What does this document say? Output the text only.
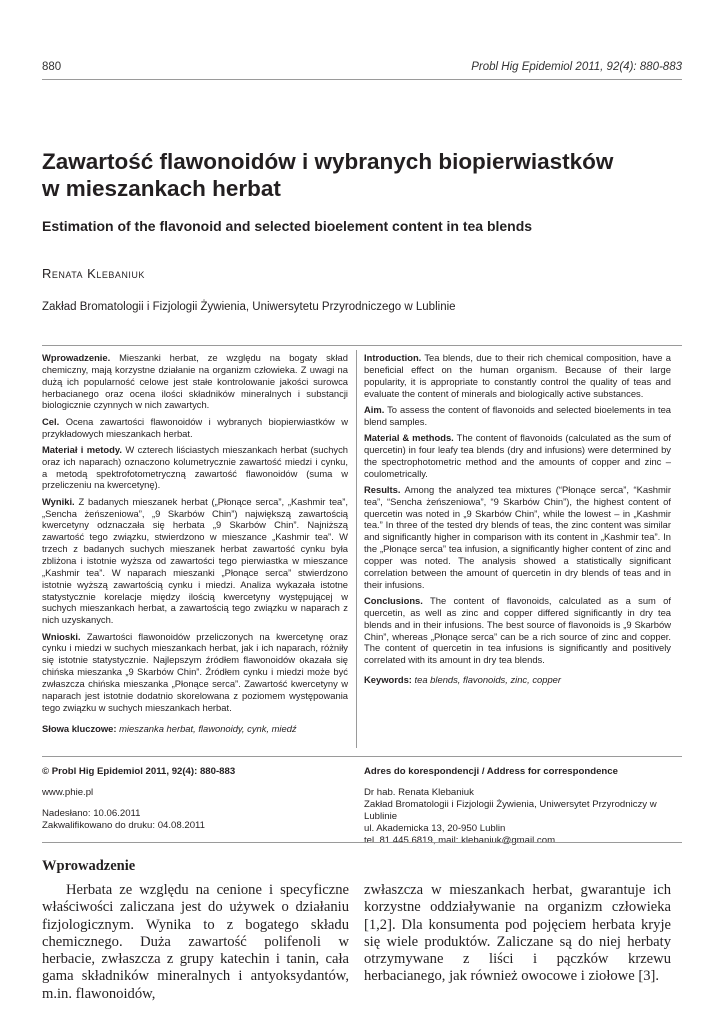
880	Probl Hig Epidemiol 2011, 92(4): 880-883
Zawartość flawonoidów i wybranych biopierwiastków
w mieszankach herbat
Estimation of the flavonoid and selected bioelement content in tea blends
Renata Klebaniuk
Zakład Bromatologii i Fizjologii Żywienia, Uniwersytetu Przyrodniczego w Lublinie

Wprowadzenie. Mieszanki herbat, ze względu na bogaty skład chemiczny, mają korzystne działanie na organizm człowieka. Z uwagi na dużą ich popularność celowe jest stałe kontrolowanie jakości surowca herbacianego oraz ocena ilości składników mineralnych i substancji biologicznie czynnych w nich zawartych.

Cel. Ocena zawartości flawonoidów i wybranych biopierwiastków w przykładowych mieszankach herbat.

Materiał i metody. W czterech liściastych mieszankach herbat (suchych oraz ich naparach) oznaczono kolumetrycznie zawartość miedzi i cynku, a metodą spektrofotometryczną zawartość flawonoidów (suma w przeliczeniu na kwercetynę).

Wyniki. Z badanych mieszanek herbat („Płonące serca”, „Kashmir tea”, „Sencha żeńszeniowa”, „9 Skarbów Chin”) największą zawartością kwercetyny odznaczała się herbata „9 Skarbów Chin”. Najniższą zawartość tego związku, stwierdzono w mieszance „Kashmir tea”. W trzech z badanych suchych mieszanek herbat zawartość cynku była zbliżona i istotnie wyższa od zawartości tego pierwiastka w mieszance „Kashmir tea”. W naparach mieszanki „Płonące serca” stwierdzono istotnie wyższą zawartością cynku i miedzi. Analiza wykazała istotne statystycznie korelacje między ilością kwercetyny występującej w suchych mieszankach herbat, a zawartością tego związku w naparach z nich uzyskanych.

Wnioski. Zawartości flawonoidów przeliczonych na kwercetynę oraz cynku i miedzi w suchych mieszankach herbat, jak i ich naparach, różniły się istotnie statystycznie. Najlepszym źródłem flawonoidów okazała się chińska mieszanka „9 Skarbów Chin”. Źródłem cynku i miedzi może być zwłaszcza chińska mieszanka „Płonące serca”. Zawartość kwercetyny w naparach jest istotnie dodatnio skorelowana z poziomem występowania tego związku w suchych mieszankach herbat.

Słowa kluczowe: mieszanka herbat, flawonoidy, cynk, miedź

Introduction. Tea blends, due to their rich chemical composition, have a beneficial effect on the human organism. Because of their large popularity, it is appropriate to constantly control the quality of teas and evaluate the content of minerals and biologically active substances.

Aim. To assess the content of flavonoids and selected bioelements in tea blend samples.

Material & methods. The content of flavonoids (calculated as the sum of quercetin) in four leafy tea blends (dry and infusions) were determined by the spectrophotometric method and the amounts of copper and zinc – coulometrically.

Results. Among the analyzed tea mixtures (“Płonące serca”, “Kashmir tea”, “Sencha żeńszeniowa”, “9 Skarbów Chin”), the highest content of quercetin was noted in „9 Skarbów Chin”, while the lowest – in „Kashmir tea.” In three of the tested dry blends of teas, the zinc content was similar and significantly higher in comparison with its content in „Kashmir tea”. In the „Płonące serca” tea infusion, a significantly higher content of zinc and copper was noted. The analysis showed a statistically significant correlation between the amount of quercetin in dry blends of teas and in their infusions.

Conclusions. The content of flavonoids, calculated as a sum of quercetin, as well as zinc and copper differed significantly in dry tea blends and in their infusions. The best source of flavonoids is „9 Skarbów Chin”, whereas „Płonące serca” can be a rich source of zinc and copper. The content of quercetin in tea infusions is significantly and positively correlated with its amount in dry tea blends.

Keywords: tea blends, flavonoids, zinc, copper

© Probl Hig Epidemiol 2011, 92(4): 880-883

www.phie.pl

Nadesłano: 10.06.2011

Zakwalifikowano do druku: 04.08.2011

Adres do korespondencji / Address for correspondence

Dr hab. Renata Klebaniuk

Zakład Bromatologii i Fizjologii Żywienia, Uniwersytet Przyrodniczy w Lublinie

ul. Akademicka 13, 20-950 Lublin

tel. 81 445 6819, mail: klebaniuk@gmail.com

Wprowadzenie
Herbata ze względu na cenione i specyficzne właściwości zaliczana jest do używek o działaniu fizjologicznym. Wynika to z bogatego składu chemicznego. Duża zawartość polifenoli w herbacie, zwłaszcza z grupy katechin i tanin, cała gama składników mineralnych i antyoksydantów, m.in. flawonoidów,
zwłaszcza w mieszankach herbat, gwarantuje ich korzystne oddziaływanie na organizm człowieka [1,2]. Dla konsumenta pod pojęciem herbata kryje się wiele produktów. Zaliczane są do niej herbaty otrzymywane z liści i pączków krzewu herbacianego, jak również owocowe i ziołowe [3].
